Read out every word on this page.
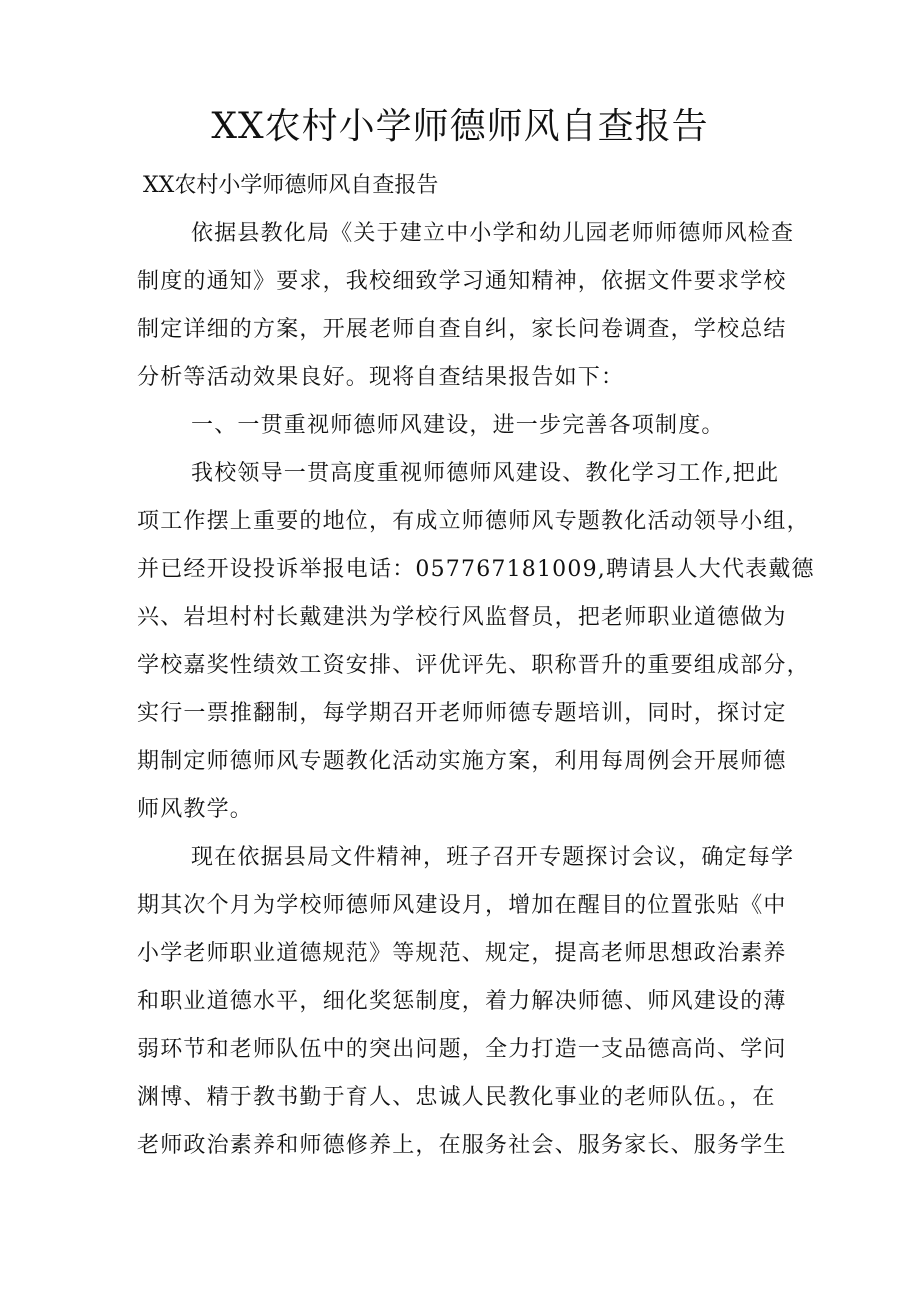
XX农村小学师德师风自查报告

XX农村小学师德师风自查报告

依据县教化局《关于建立中小学和幼儿园老师师德师风检查

制度的通知》要求，我校细致学习通知精神，依据文件要求学校

制定详细的方案，开展老师自查自纠，家长问卷调查，学校总结

分析等活动效果良好。现将自查结果报告如下：

一、一贯重视师德师风建设，进一步完善各项制度。

我校领导一贯高度重视师德师风建设、教化学习工作,把此

项工作摆上重要的地位，有成立师德师风专题教化活动领导小组，

并已经开设投诉举报电话：057767181009,聘请县人大代表戴德

兴、岩坦村村长戴建洪为学校行风监督员，把老师职业道德做为

学校嘉奖性绩效工资安排、评优评先、职称晋升的重要组成部分，

实行一票推翻制，每学期召开老师师德专题培训，同时，探讨定

期制定师德师风专题教化活动实施方案，利用每周例会开展师德

师风教学。

现在依据县局文件精神，班子召开专题探讨会议，确定每学

期其次个月为学校师德师风建设月，增加在醒目的位置张贴《中

小学老师职业道德规范》等规范、规定，提高老师思想政治素养

和职业道德水平，细化奖惩制度，着力解决师德、师风建设的薄

弱环节和老师队伍中的突出问题，全力打造一支品德高尚、学问

渊博、精于教书勤于育人、忠诚人民教化事业的老师队伍。，在

老师政治素养和师德修养上，在服务社会、服务家长、服务学生
